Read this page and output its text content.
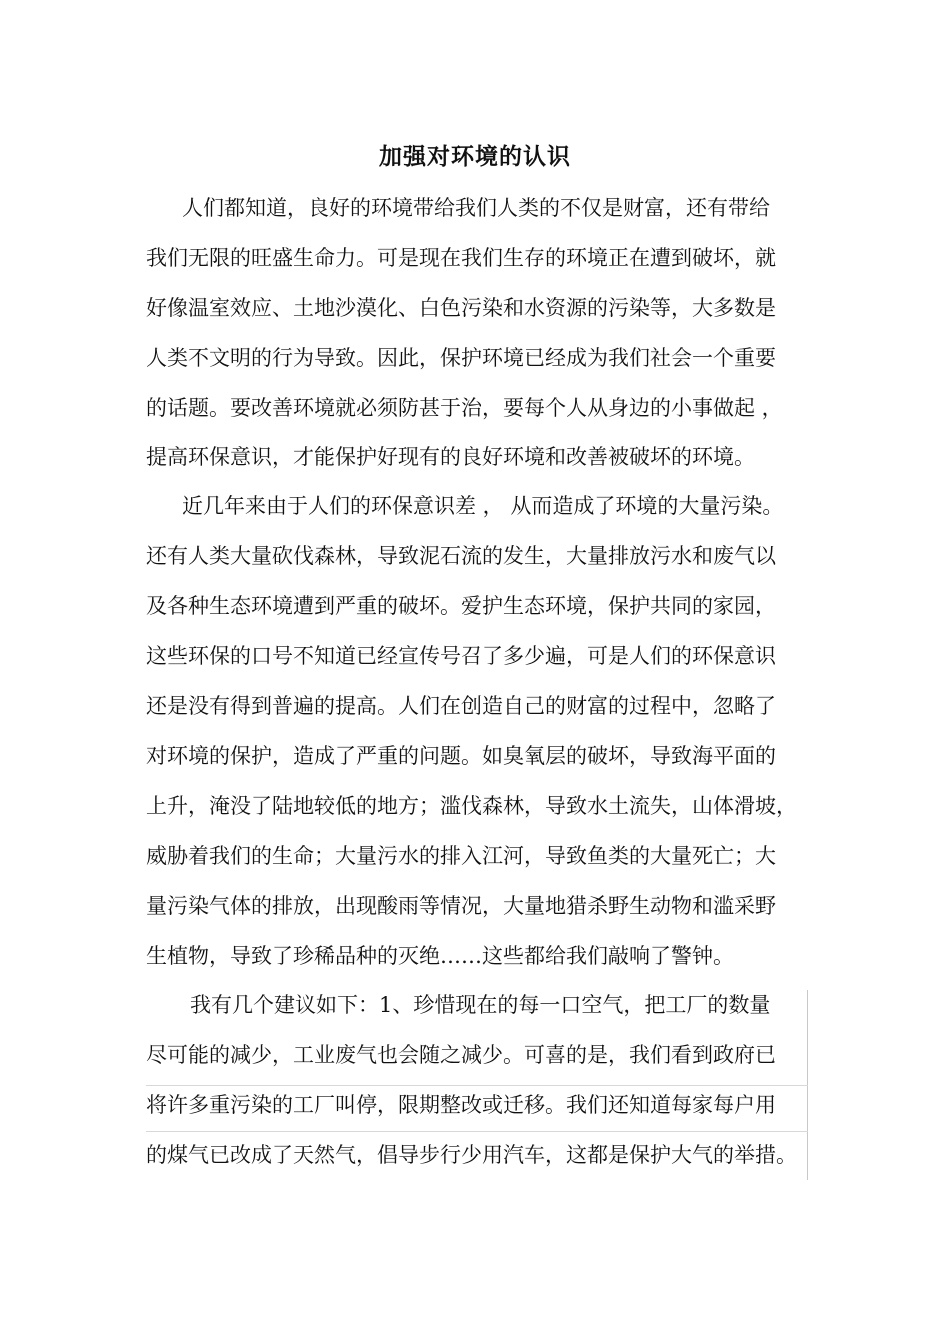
加强对环境的认识
人们都知道，良好的环境带给我们人类的不仅是财富，还有带给
我们无限的旺盛生命力。可是现在我们生存的环境正在遭到破坏，就
好像温室效应、土地沙漠化、白色污染和水资源的污染等，大多数是
人类不文明的行为导致。因此，保护环境已经成为我们社会一个重要
的话题。要改善环境就必须防甚于治，要每个人从身边的小事做起 ，
提高环保意识，才能保护好现有的良好环境和改善被破坏的环境。
近几年来由于人们的环保意识差 ， 从而造成了环境的大量污染。
还有人类大量砍伐森林，导致泥石流的发生，大量排放污水和废气以
及各种生态环境遭到严重的破坏。爱护生态环境，保护共同的家园，
这些环保的口号不知道已经宣传号召了多少遍，可是人们的环保意识
还是没有得到普遍的提高。人们在创造自己的财富的过程中，忽略了
对环境的保护，造成了严重的问题。如臭氧层的破坏，导致海平面的
上升，淹没了陆地较低的地方；滥伐森林，导致水土流失，山体滑坡，
威胁着我们的生命；大量污水的排入江河，导致鱼类的大量死亡；大
量污染气体的排放，出现酸雨等情况，大量地猎杀野生动物和滥采野
生植物，导致了珍稀品种的灭绝……这些都给我们敲响了警钟。
我有几个建议如下：1、珍惜现在的每一口空气，把工厂的数量
尽可能的减少，工业废气也会随之减少。可喜的是，我们看到政府已
将许多重污染的工厂叫停，限期整改或迁移。我们还知道每家每户用
的煤气已改成了天然气，倡导步行少用汽车，这都是保护大气的举措。
